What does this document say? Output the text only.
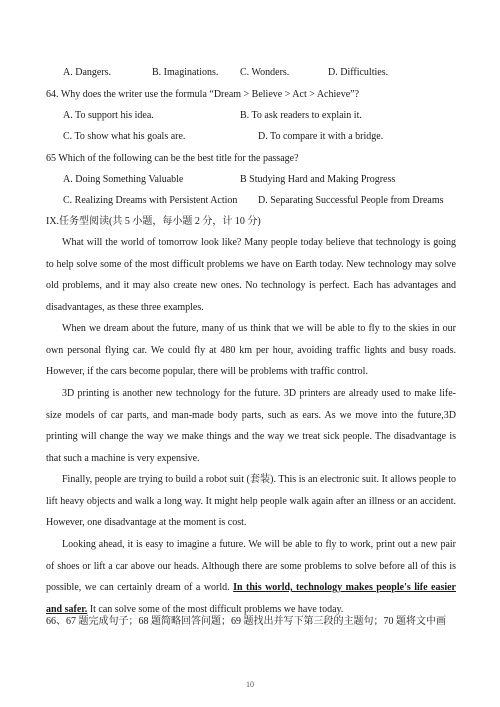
A. Dangers.	B. Imaginations. C. Wonders.	D. Difficulties.
64. Why does the writer use the formula “Dream > Believe > Act > Achieve”?
A. To support his idea.	B. To ask readers to explain it.
C. To show what his goals are.	D. To compare it with a bridge.
65 Which of the following can be the best title for the passage?
A. Doing Something Valuable	B Studying Hard and Making Progress
C. Realizing Dreams with Persistent Action D. Separating Successful People from Dreams
IX.任务型阅读(共 5 小题，每小题 2 分，计 10 分)
What will the world of tomorrow look like? Many people today believe that technology is going to help solve some of the most difficult problems we have on Earth today. New technology may solve old problems, and it may also create new ones. No technology is perfect. Each has advantages and disadvantages, as these three examples.
When we dream about the future, many of us think that we will be able to fly to the skies in our own personal flying car. We could fly at 480 km per hour, avoiding traffic lights and busy roads. However, if the cars become popular, there will be problems with traffic control.
3D printing is another new technology for the future. 3D printers are already used to make life-size models of car parts, and man-made body parts, such as ears. As we move into the future,3D printing will change the way we make things and the way we treat sick people. The disadvantage is that such a machine is very expensive.
Finally, people are trying to build a robot suit (套装). This is an electronic suit. It allows people to lift heavy objects and walk a long way. It might help people walk again after an illness or an accident. However, one disadvantage at the moment is cost.
Looking ahead, it is easy to imagine a future. We will be able to fly to work, print out a new pair of shoes or lift a car above our heads. Although there are some problems to solve before all of this is possible, we can certainly dream of a world. In this world, technology makes people's life easier and safer. It can solve some of the most difficult problems we have today.
66、67 题完成句子；68 题简略回答问题；69 题找出并写下第三段的主题句；70 题将文中画
10
